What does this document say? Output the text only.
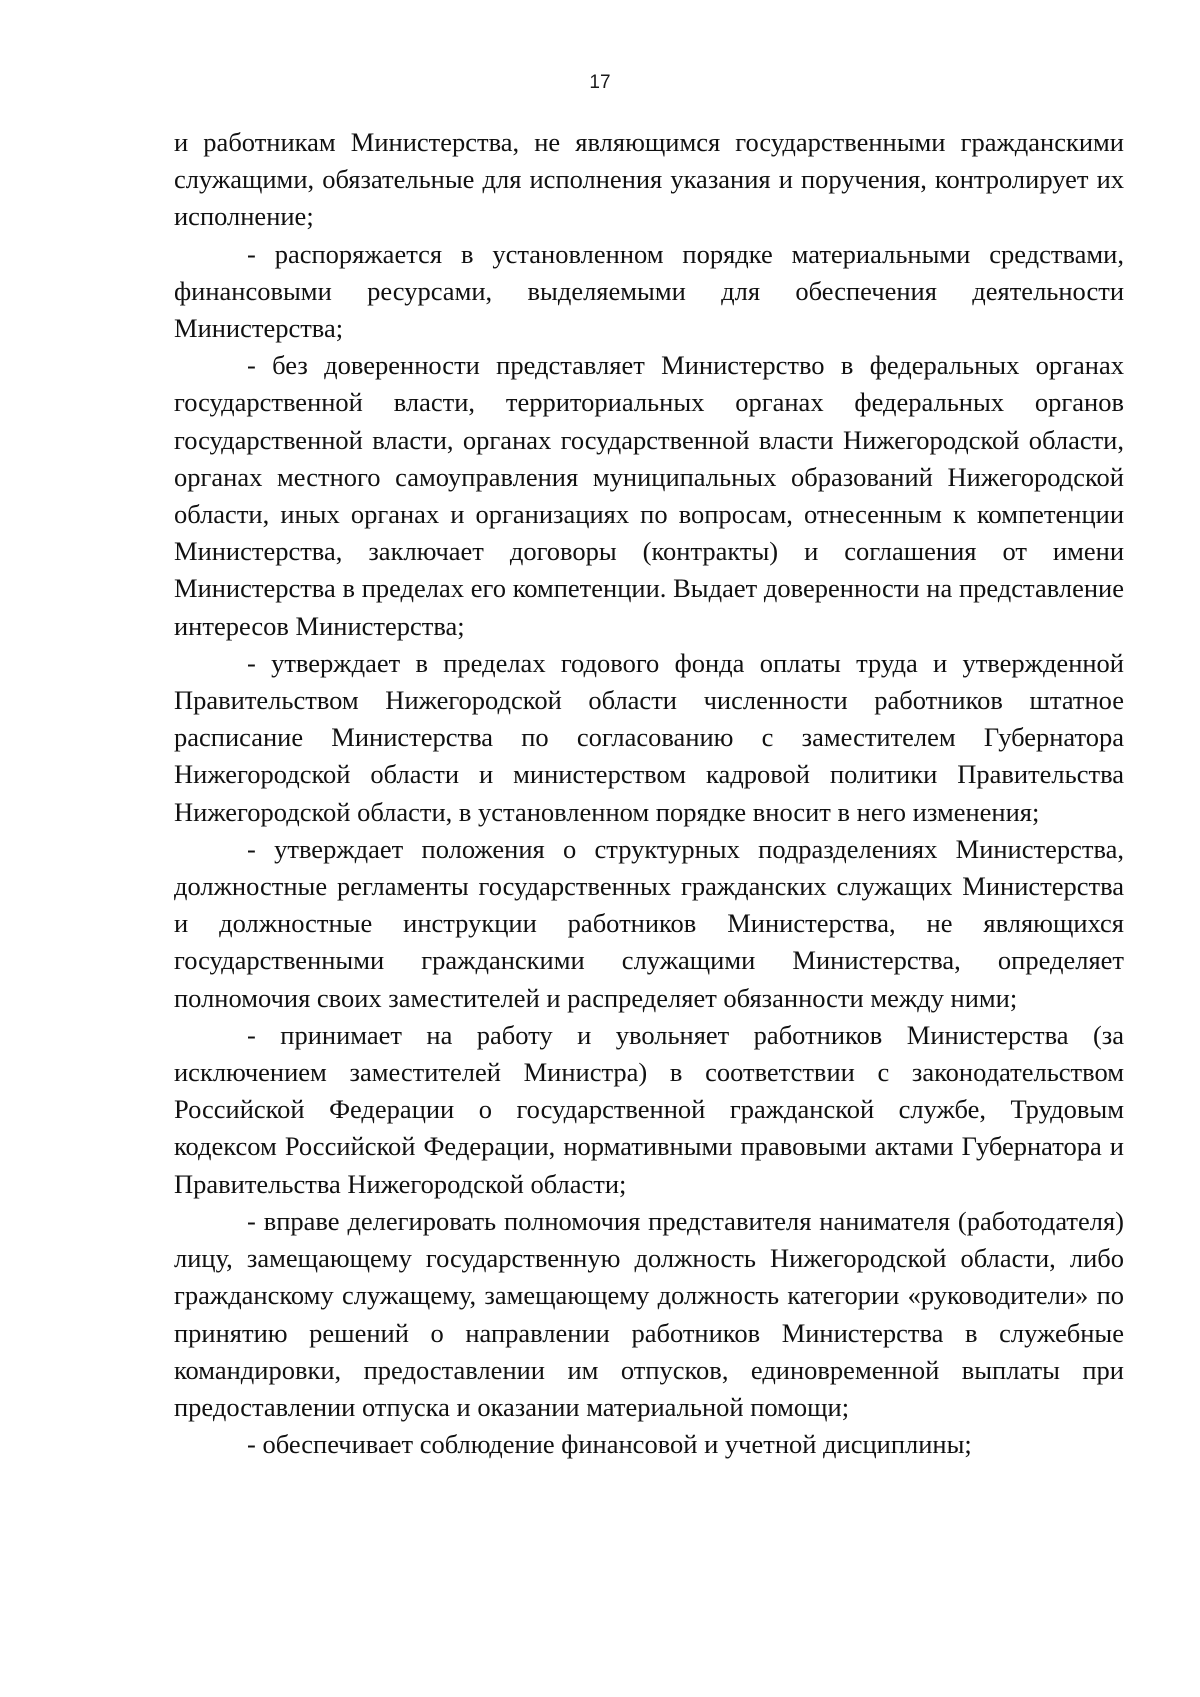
17

и работникам Министерства, не являющимся государственными гражданскими служащими, обязательные для исполнения указания и поручения, контролирует их исполнение;

- распоряжается в установленном порядке материальными средствами, финансовыми ресурсами, выделяемыми для обеспечения деятельности Министерства;

- без доверенности представляет Министерство в федеральных органах государственной власти, территориальных органах федеральных органов государственной власти, органах государственной власти Нижегородской области, органах местного самоуправления муниципальных образований Нижегородской области, иных органах и организациях по вопросам, отнесенным к компетенции Министерства, заключает договоры (контракты) и соглашения от имени Министерства в пределах его компетенции. Выдает доверенности на представление интересов Министерства;

- утверждает в пределах годового фонда оплаты труда и утвержденной Правительством Нижегородской области численности работников штатное расписание Министерства по согласованию с заместителем Губернатора Нижегородской области и министерством кадровой политики Правительства Нижегородской области, в установленном порядке вносит в него изменения;

- утверждает положения о структурных подразделениях Министерства, должностные регламенты государственных гражданских служащих Министерства и должностные инструкции работников Министерства, не являющихся государственными гражданскими служащими Министерства, определяет полномочия своих заместителей и распределяет обязанности между ними;

- принимает на работу и увольняет работников Министерства (за исключением заместителей Министра) в соответствии с законодательством Российской Федерации о государственной гражданской службе, Трудовым кодексом Российской Федерации, нормативными правовыми актами Губернатора и Правительства Нижегородской области;

- вправе делегировать полномочия представителя нанимателя (работодателя) лицу, замещающему государственную должность Нижегородской области, либо гражданскому служащему, замещающему должность категории «руководители» по принятию решений о направлении работников Министерства в служебные командировки, предоставлении им отпусков, единовременной выплаты при предоставлении отпуска и оказании материальной помощи;

- обеспечивает соблюдение финансовой и учетной дисциплины;
